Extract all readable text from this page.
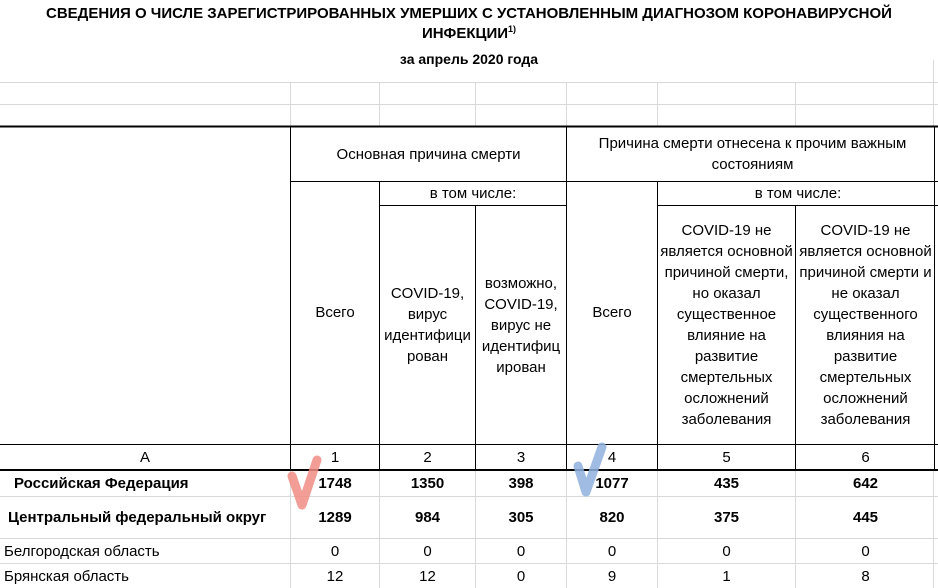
СВЕДЕНИЯ О ЧИСЛЕ ЗАРЕГИСТРИРОВАННЫХ УМЕРШИХ С УСТАНОВЛЕННЫМ ДИАГНОЗОМ КОРОНАВИРУСНОЙ
ИНФЕКЦИИ$^{1)}$
за апрель 2020 года
Основная причина смерти
Причина смерти отнесена к прочим важным состояниям
в том числе:	в том числе:
Всего
COVID-19, вирус идентифици рован
возможно, COVID-19, вирус не идентифиц ирован
Всего
COVID-19 не является основной причиной смерти, но оказал существенное влияние на развитие смертельных осложнений заболевания
COVID-19 не является основной причиной смерти и не оказал существенного влияния на развитие смертельных осложнений заболевания
А	1	2	3	4	5	6
Российская Федерация	1748	1350	398	1077	435	642
Центральный федеральный округ	1289	984	305	820	375	445
Белгородская область	0	0	0	0	0	0
Брянская область	12	12	0	9	1	8
